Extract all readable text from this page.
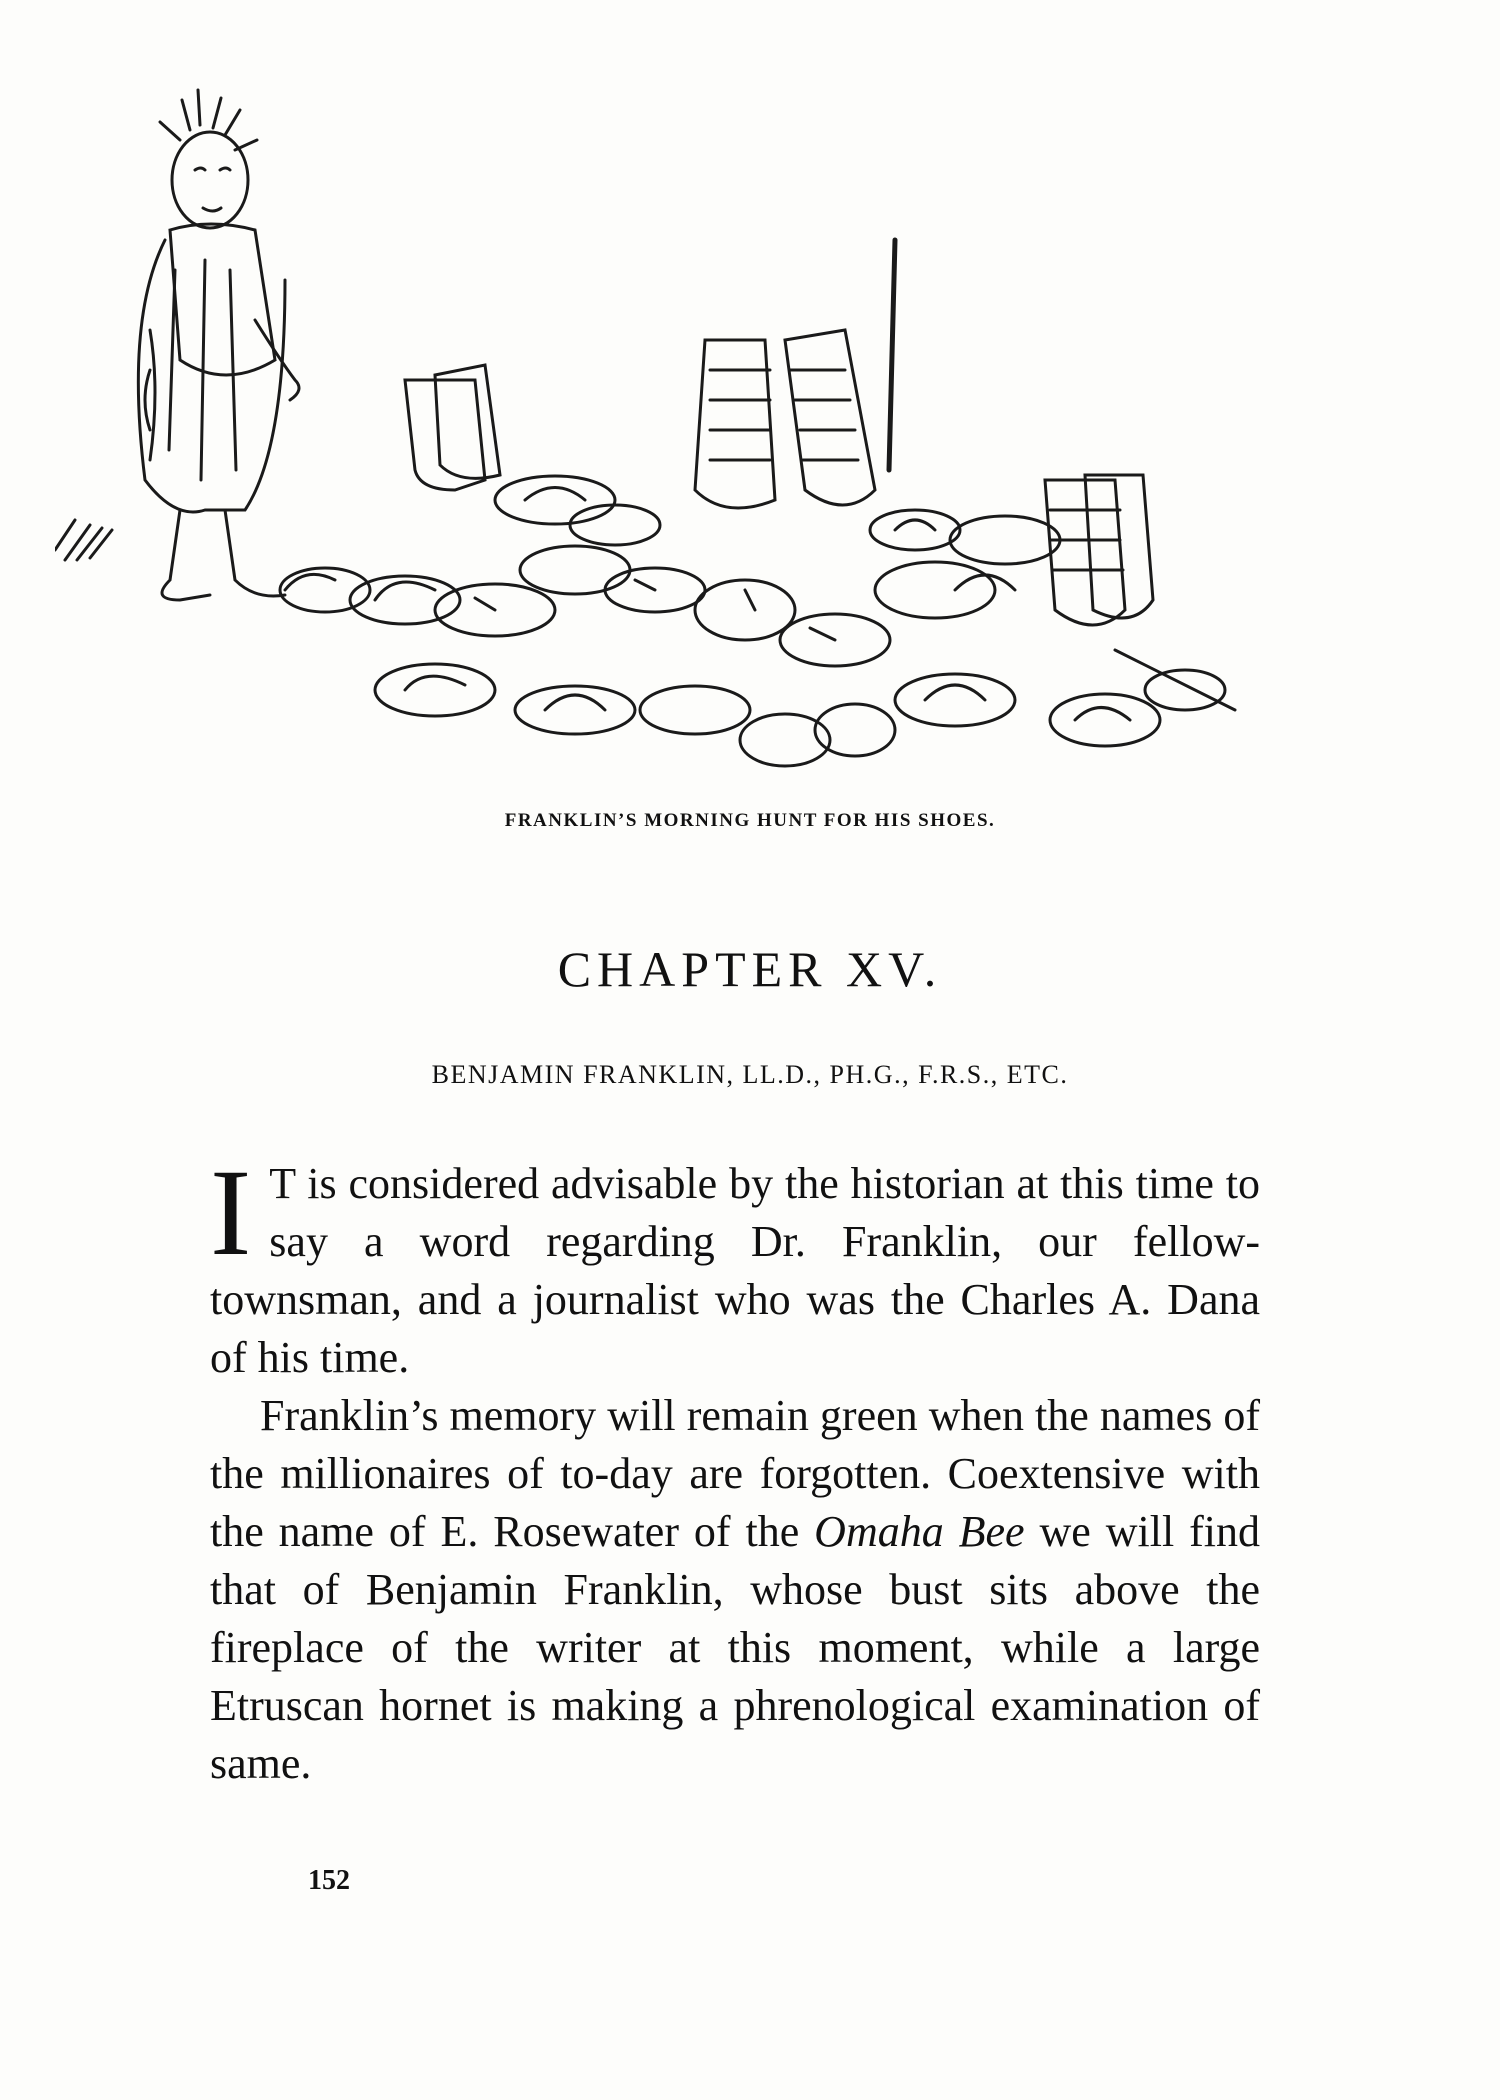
FRANKLIN’S MORNING HUNT FOR HIS SHOES.
CHAPTER XV.
BENJAMIN FRANKLIN, LL.D., PH.G., F.R.S., ETC.

I T is considered advisable by the historian at this time to say a word regarding Dr. Franklin, our fellow-townsman, and a journalist who was the Charles A. Dana of his time.

Franklin’s memory will remain green when the names of the millionaires of to-day are forgotten. Coextensive with the name of E. Rosewater of the Omaha Bee we will find that of Benjamin Franklin, whose bust sits above the fireplace of the writer at this moment, while a large Etruscan hornet is making a phrenological examination of same.

152
